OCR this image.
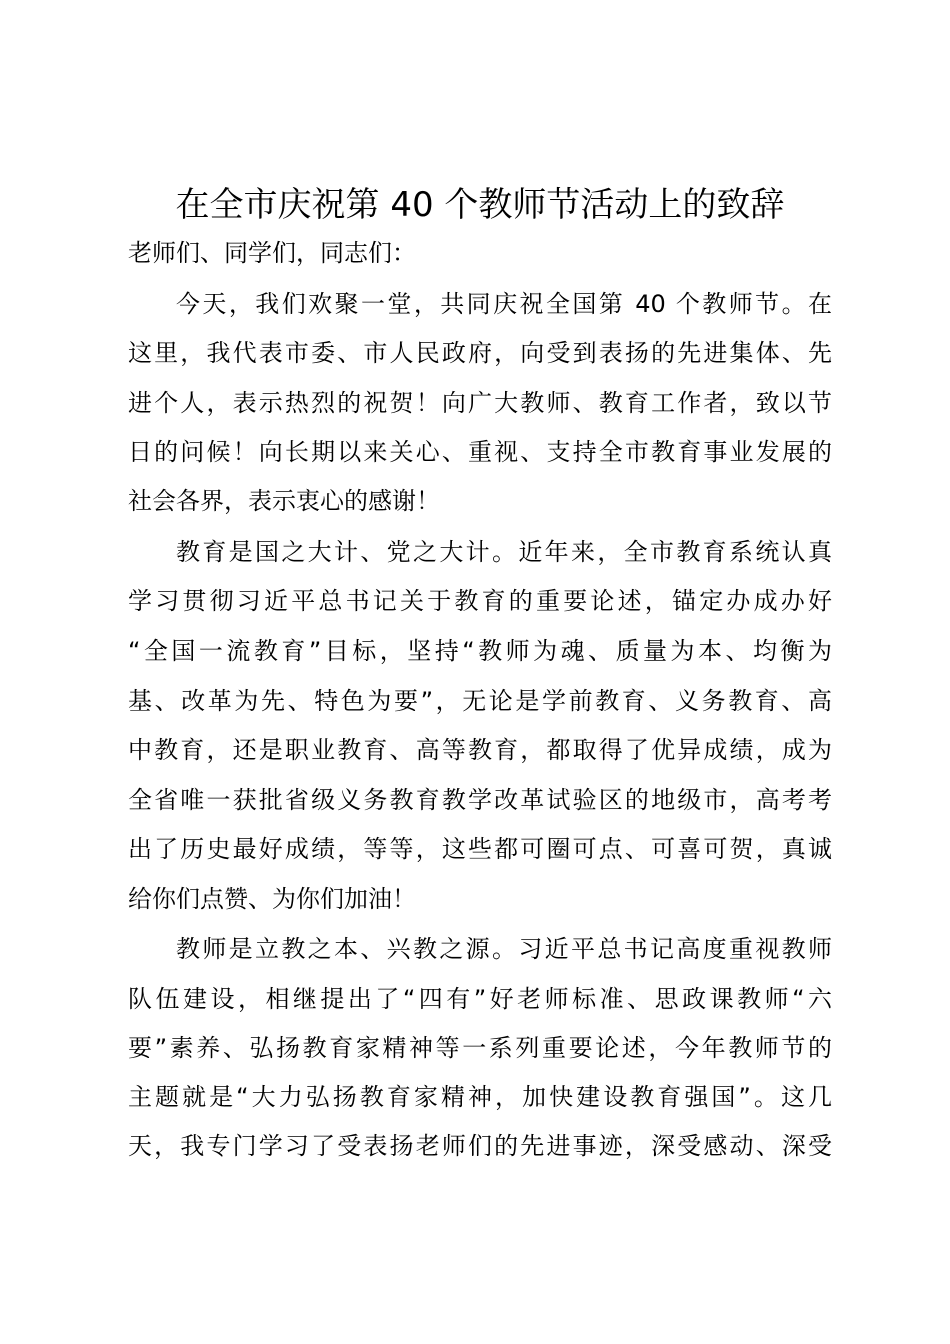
在全市庆祝第 40 个教师节活动上的致辞

老师们、同学们，同志们：

今天，我们欢聚一堂，共同庆祝全国第 40 个教师节。在

这里，我代表市委、市人民政府，向受到表扬的先进集体、先

进个人，表示热烈的祝贺！向广大教师、教育工作者，致以节

日的问候！向长期以来关心、重视、支持全市教育事业发展的

社会各界，表示衷心的感谢！

教育是国之大计、党之大计。近年来，全市教育系统认真

学习贯彻习近平总书记关于教育的重要论述，锚定办成办好

“全国一流教育”目标，坚持“教师为魂、质量为本、均衡为

基、改革为先、特色为要”，无论是学前教育、义务教育、高

中教育，还是职业教育、高等教育，都取得了优异成绩，成为

全省唯一获批省级义务教育教学改革试验区的地级市，高考考

出了历史最好成绩，等等，这些都可圈可点、可喜可贺，真诚

给你们点赞、为你们加油！

教师是立教之本、兴教之源。习近平总书记高度重视教师

队伍建设，相继提出了“四有”好老师标准、思政课教师“六

要”素养、弘扬教育家精神等一系列重要论述，今年教师节的

主题就是“大力弘扬教育家精神，加快建设教育强国”。这几

天，我专门学习了受表扬老师们的先进事迹，深受感动、深受
